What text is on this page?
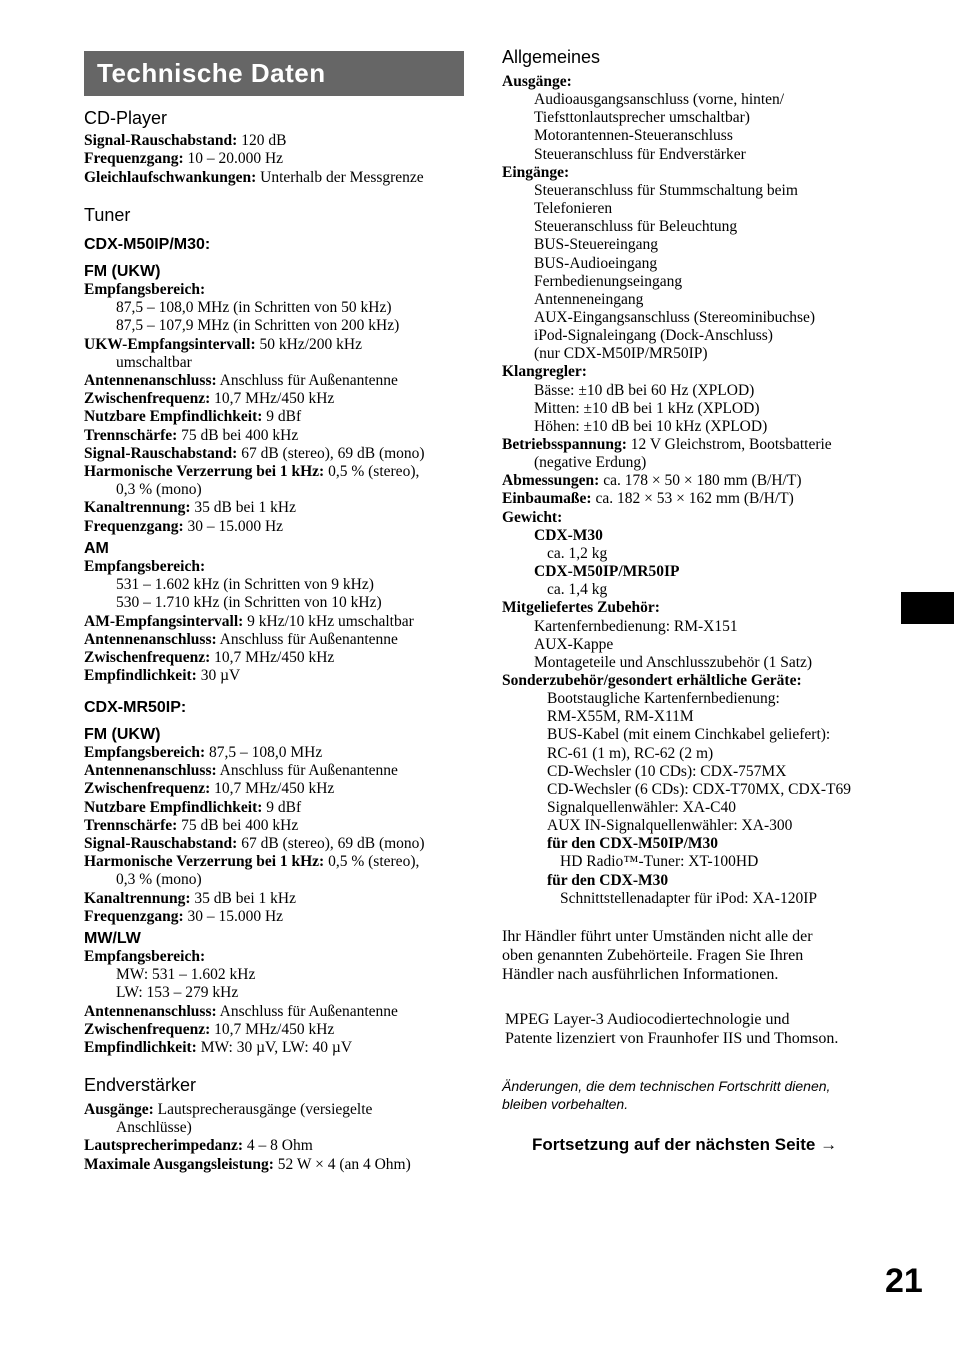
Technische Daten
CD-Player
Signal-Rauschabstand: 120 dB
Frequenzgang: 10 – 20.000 Hz
Gleichlaufschwankungen: Unterhalb der Messgrenze
Tuner
CDX-M50IP/M30:
FM (UKW)
Empfangsbereich:
87,5 – 108,0 MHz (in Schritten von 50 kHz)
87,5 – 107,9 MHz (in Schritten von 200 kHz)
UKW-Empfangsintervall: 50 kHz/200 kHz
umschaltbar
Antennenanschluss: Anschluss für Außenantenne
Zwischenfrequenz: 10,7 MHz/450 kHz
Nutzbare Empfindlichkeit: 9 dBf
Trennschärfe: 75 dB bei 400 kHz
Signal-Rauschabstand: 67 dB (stereo), 69 dB (mono)
Harmonische Verzerrung bei 1 kHz: 0,5 % (stereo),
0,3 % (mono)
Kanaltrennung: 35 dB bei 1 kHz
Frequenzgang: 30 – 15.000 Hz
AM
Empfangsbereich:
531 – 1.602 kHz (in Schritten von 9 kHz)
530 – 1.710 kHz (in Schritten von 10 kHz)
AM-Empfangsintervall: 9 kHz/10 kHz umschaltbar
Antennenanschluss: Anschluss für Außenantenne
Zwischenfrequenz: 10,7 MHz/450 kHz
Empfindlichkeit: 30 µV
CDX-MR50IP:
FM (UKW)
Empfangsbereich: 87,5 – 108,0 MHz
Antennenanschluss: Anschluss für Außenantenne
Zwischenfrequenz: 10,7 MHz/450 kHz
Nutzbare Empfindlichkeit: 9 dBf
Trennschärfe: 75 dB bei 400 kHz
Signal-Rauschabstand: 67 dB (stereo), 69 dB (mono)
Harmonische Verzerrung bei 1 kHz: 0,5 % (stereo),
0,3 % (mono)
Kanaltrennung: 35 dB bei 1 kHz
Frequenzgang: 30 – 15.000 Hz
MW/LW
Empfangsbereich:
MW: 531 – 1.602 kHz
LW: 153 – 279 kHz
Antennenanschluss: Anschluss für Außenantenne
Zwischenfrequenz: 10,7 MHz/450 kHz
Empfindlichkeit: MW: 30 µV, LW: 40 µV
Endverstärker
Ausgänge: Lautsprecherausgänge (versiegelte
Anschlüsse)
Lautsprecherimpedanz: 4 – 8 Ohm
Maximale Ausgangsleistung: 52 W × 4 (an 4 Ohm)
Allgemeines
Ausgänge:
Audioausgangsanschluss (vorne, hinten/
Tiefsttonlautsprecher umschaltbar)
Motorantennen-Steueranschluss
Steueranschluss für Endverstärker
Eingänge:
Steueranschluss für Stummschaltung beim
Telefonieren
Steueranschluss für Beleuchtung
BUS-Steuereingang
BUS-Audioeingang
Fernbedienungseingang
Antenneneingang
AUX-Eingangsanschluss (Stereominibuchse)
iPod-Signaleingang (Dock-Anschluss)
(nur CDX-M50IP/MR50IP)
Klangregler:
Bässe: ±10 dB bei 60 Hz (XPLOD)
Mitten: ±10 dB bei 1 kHz (XPLOD)
Höhen: ±10 dB bei 10 kHz (XPLOD)
Betriebsspannung: 12 V Gleichstrom, Bootsbatterie
(negative Erdung)
Abmessungen: ca. 178 × 50 × 180 mm (B/H/T)
Einbaumaße: ca. 182 × 53 × 162 mm (B/H/T)
Gewicht:
CDX-M30
ca. 1,2 kg
CDX-M50IP/MR50IP
ca. 1,4 kg
Mitgeliefertes Zubehör:
Kartenfernbedienung: RM-X151
AUX-Kappe
Montageteile und Anschlusszubehör (1 Satz)
Sonderzubehör/gesondert erhältliche Geräte:
Bootstaugliche Kartenfernbedienung:
RM-X55M, RM-X11M
BUS-Kabel (mit einem Cinchkabel geliefert):
RC-61 (1 m), RC-62 (2 m)
CD-Wechsler (10 CDs): CDX-757MX
CD-Wechsler (6 CDs): CDX-T70MX, CDX-T69
Signalquellenwähler: XA-C40
AUX IN-Signalquellenwähler: XA-300
für den CDX-M50IP/M30
HD Radio™-Tuner: XT-100HD
für den CDX-M30
Schnittstellenadapter für iPod: XA-120IP
Ihr Händler führt unter Umständen nicht alle der
oben genannten Zubehörteile. Fragen Sie Ihren
Händler nach ausführlichen Informationen.
MPEG Layer-3 Audiocodiertechnologie und
Patente lizenziert von Fraunhofer IIS und Thomson.
Änderungen, die dem technischen Fortschritt dienen,
bleiben vorbehalten.
Fortsetzung auf der nächsten Seite →
21
